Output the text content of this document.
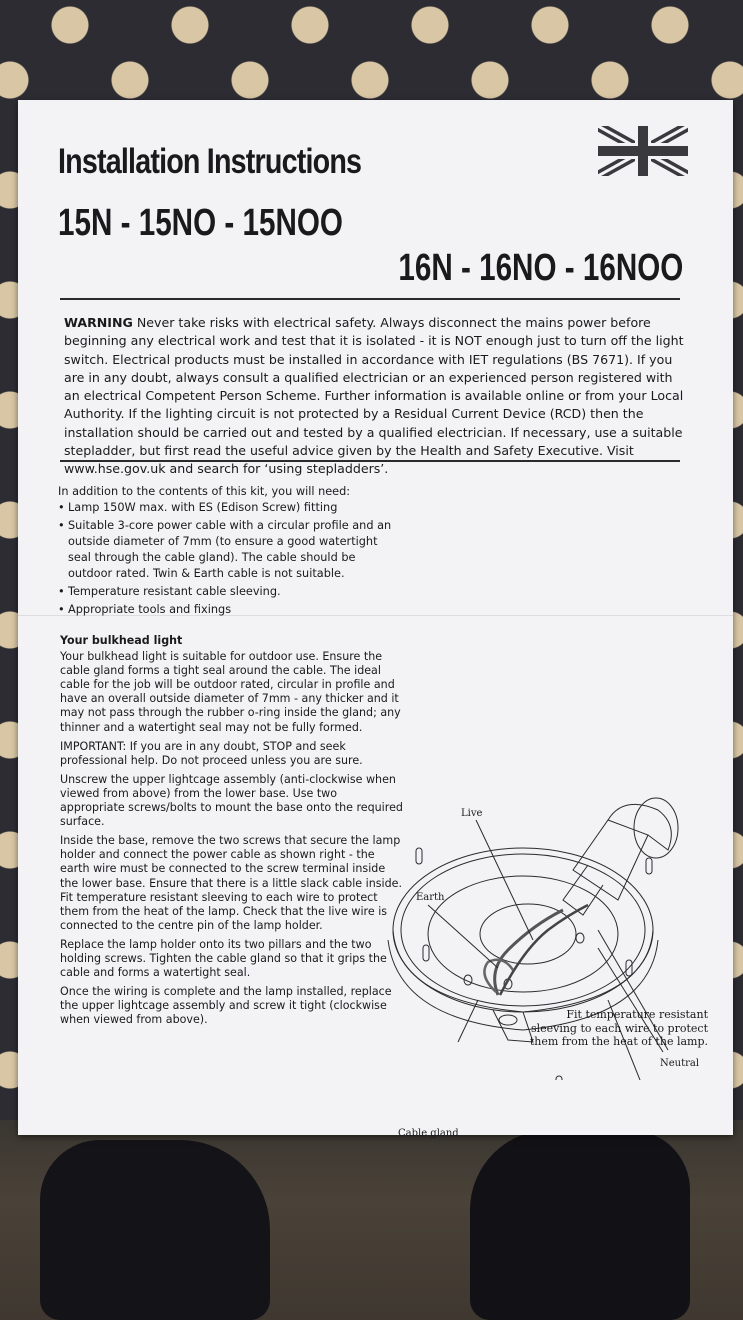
Installation Instructions
15N - 15NO - 15NOO
16N - 16NO - 16NOO

WARNING Never take risks with electrical safety. Always disconnect the mains power before beginning any electrical work and test that it is isolated - it is NOT enough just to turn off the light switch. Electrical products must be installed in accordance with IET regulations (BS 7671). If you are in any doubt, always consult a qualified electrician or an experienced person registered with an electrical Competent Person Scheme. Further information is available online or from your Local Authority. If the lighting circuit is not protected by a Residual Current Device (RCD) then the installation should be carried out and tested by a qualified electrician. If necessary, use a suitable stepladder, but first read the useful advice given by the Health and Safety Executive. Visit www.hse.gov.uk and search for ‘using stepladders’.

In addition to the contents of this kit, you will need:
• Lamp 150W max. with ES (Edison Screw) fitting
• Suitable 3-core power cable with a circular profile and an outside diameter of 7mm (to ensure a good watertight seal through the cable gland). The cable should be outdoor rated. Twin & Earth cable is not suitable.
• Temperature resistant cable sleeving.
• Appropriate tools and fixings

Your bulkhead light

Your bulkhead light is suitable for outdoor use. Ensure the cable gland forms a tight seal around the cable. The ideal cable for the job will be outdoor rated, circular in profile and have an overall outside diameter of 7mm - any thicker and it may not pass through the rubber o-ring inside the gland; any thinner and a watertight seal may not be fully formed.

IMPORTANT: If you are in any doubt, STOP and seek professional help. Do not proceed unless you are sure.

Unscrew the upper lightcage assembly (anti-clockwise when viewed from above) from the lower base. Use two appropriate screws/bolts to mount the base onto the required surface.

Inside the base, remove the two screws that secure the lamp holder and connect the power cable as shown right - the earth wire must be connected to the screw terminal inside the lower base. Ensure that there is a little slack cable inside. Fit temperature resistant sleeving to each wire to protect them from the heat of the lamp. Check that the live wire is connected to the centre pin of the lamp holder.

Replace the lamp holder onto its two pillars and the two holding screws. Tighten the cable gland so that it grips the cable and forms a watertight seal.

Once the wiring is complete and the lamp installed, replace the upper lightcage assembly and screw it tight (clockwise when viewed from above).

Live
Earth
Neutral
Cable gland
Fit temperature resistant sleeving to each wire to protect them from the heat of the lamp.
